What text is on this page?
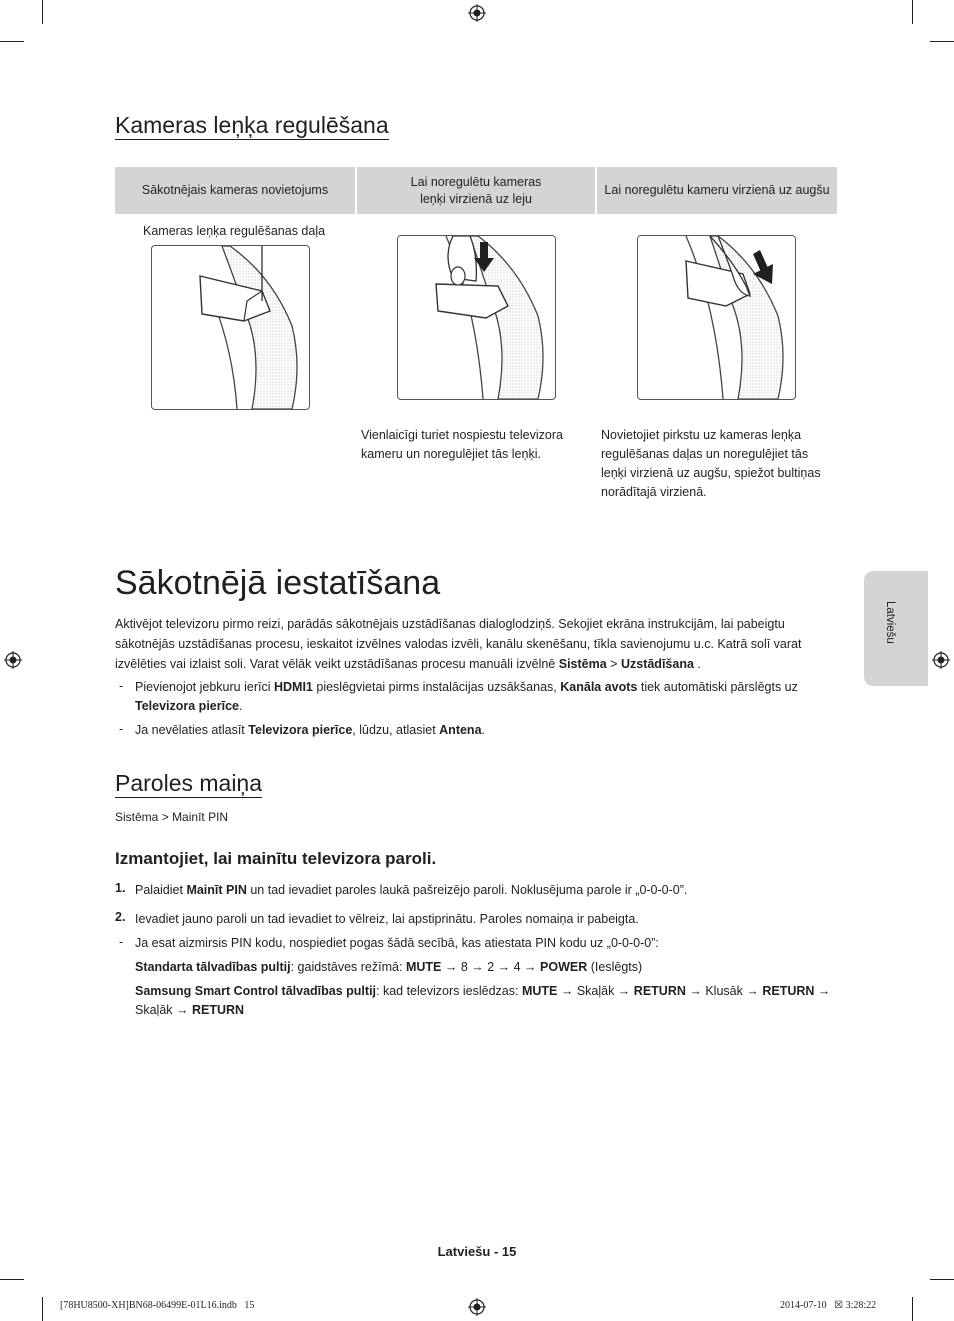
Kameras leņķa regulēšana
Sākotnējais kameras novietojums
Lai noregulētu kameras
leņķi virzienā uz leju
Lai noregulētu kameru virzienā uz augšu
Kameras leņķa regulēšanas daļa
Vienlaicīgi turiet nospiestu televizora kameru un noregulējiet tās leņķi.
Novietojiet pirkstu uz kameras leņķa regulēšanas daļas un noregulējiet tās leņķi virzienā uz augšu, spiežot bultiņas norādītajā virzienā.
Sākotnējā iestatīšana
Aktivējot televizoru pirmo reizi, parādās sākotnējais uzstādīšanas dialoglodziņš. Sekojiet ekrāna instrukcijām, lai pabeigtu sākotnējās uzstādīšanas procesu, ieskaitot izvēlnes valodas izvēli, kanālu skenēšanu, tīkla savienojumu u.c. Katrā solī varat izvēlēties vai izlaist soli. Varat vēlāk veikt uzstādīšanas procesu manuāli izvēlnē Sistēma > Uzstādīšana .
- Pievienojot jebkuru ierīci HDMI1 pieslēgvietai pirms instalācijas uzsākšanas, Kanāla avots tiek automātiski pārslēgts uz Televizora pierīce.
- Ja nevēlaties atlasīt Televizora pierīce, lūdzu, atlasiet Antena.
Paroles maiņa
Sistēma > Mainīt PIN
Izmantojiet, lai mainītu televizora paroli.
1. Palaidiet Mainīt PIN un tad ievadiet paroles laukā pašreizējo paroli. Noklusējuma parole ir „0-0-0-0”.
2. Ievadiet jauno paroli un tad ievadiet to vēlreiz, lai apstiprinātu. Paroles nomaiņa ir pabeigta.
- Ja esat aizmirsis PIN kodu, nospiediet pogas šādā secībā, kas atiestata PIN kodu uz „0-0-0-0”:
Standarta tālvadības pultij: gaidstāves režīmā: MUTE → 8 → 2 → 4 → POWER (Ieslēgts)
Samsung Smart Control tālvadības pultij: kad televizors ieslēdzas: MUTE → Skaļāk → RETURN → Klusāk → RETURN →
Skaļāk → RETURN
Latviešu
Latviešu - 15
[78HU8500-XH]BN68-06499E-01L16.indb   15	2014-07-10   ☒ 3:28:22
